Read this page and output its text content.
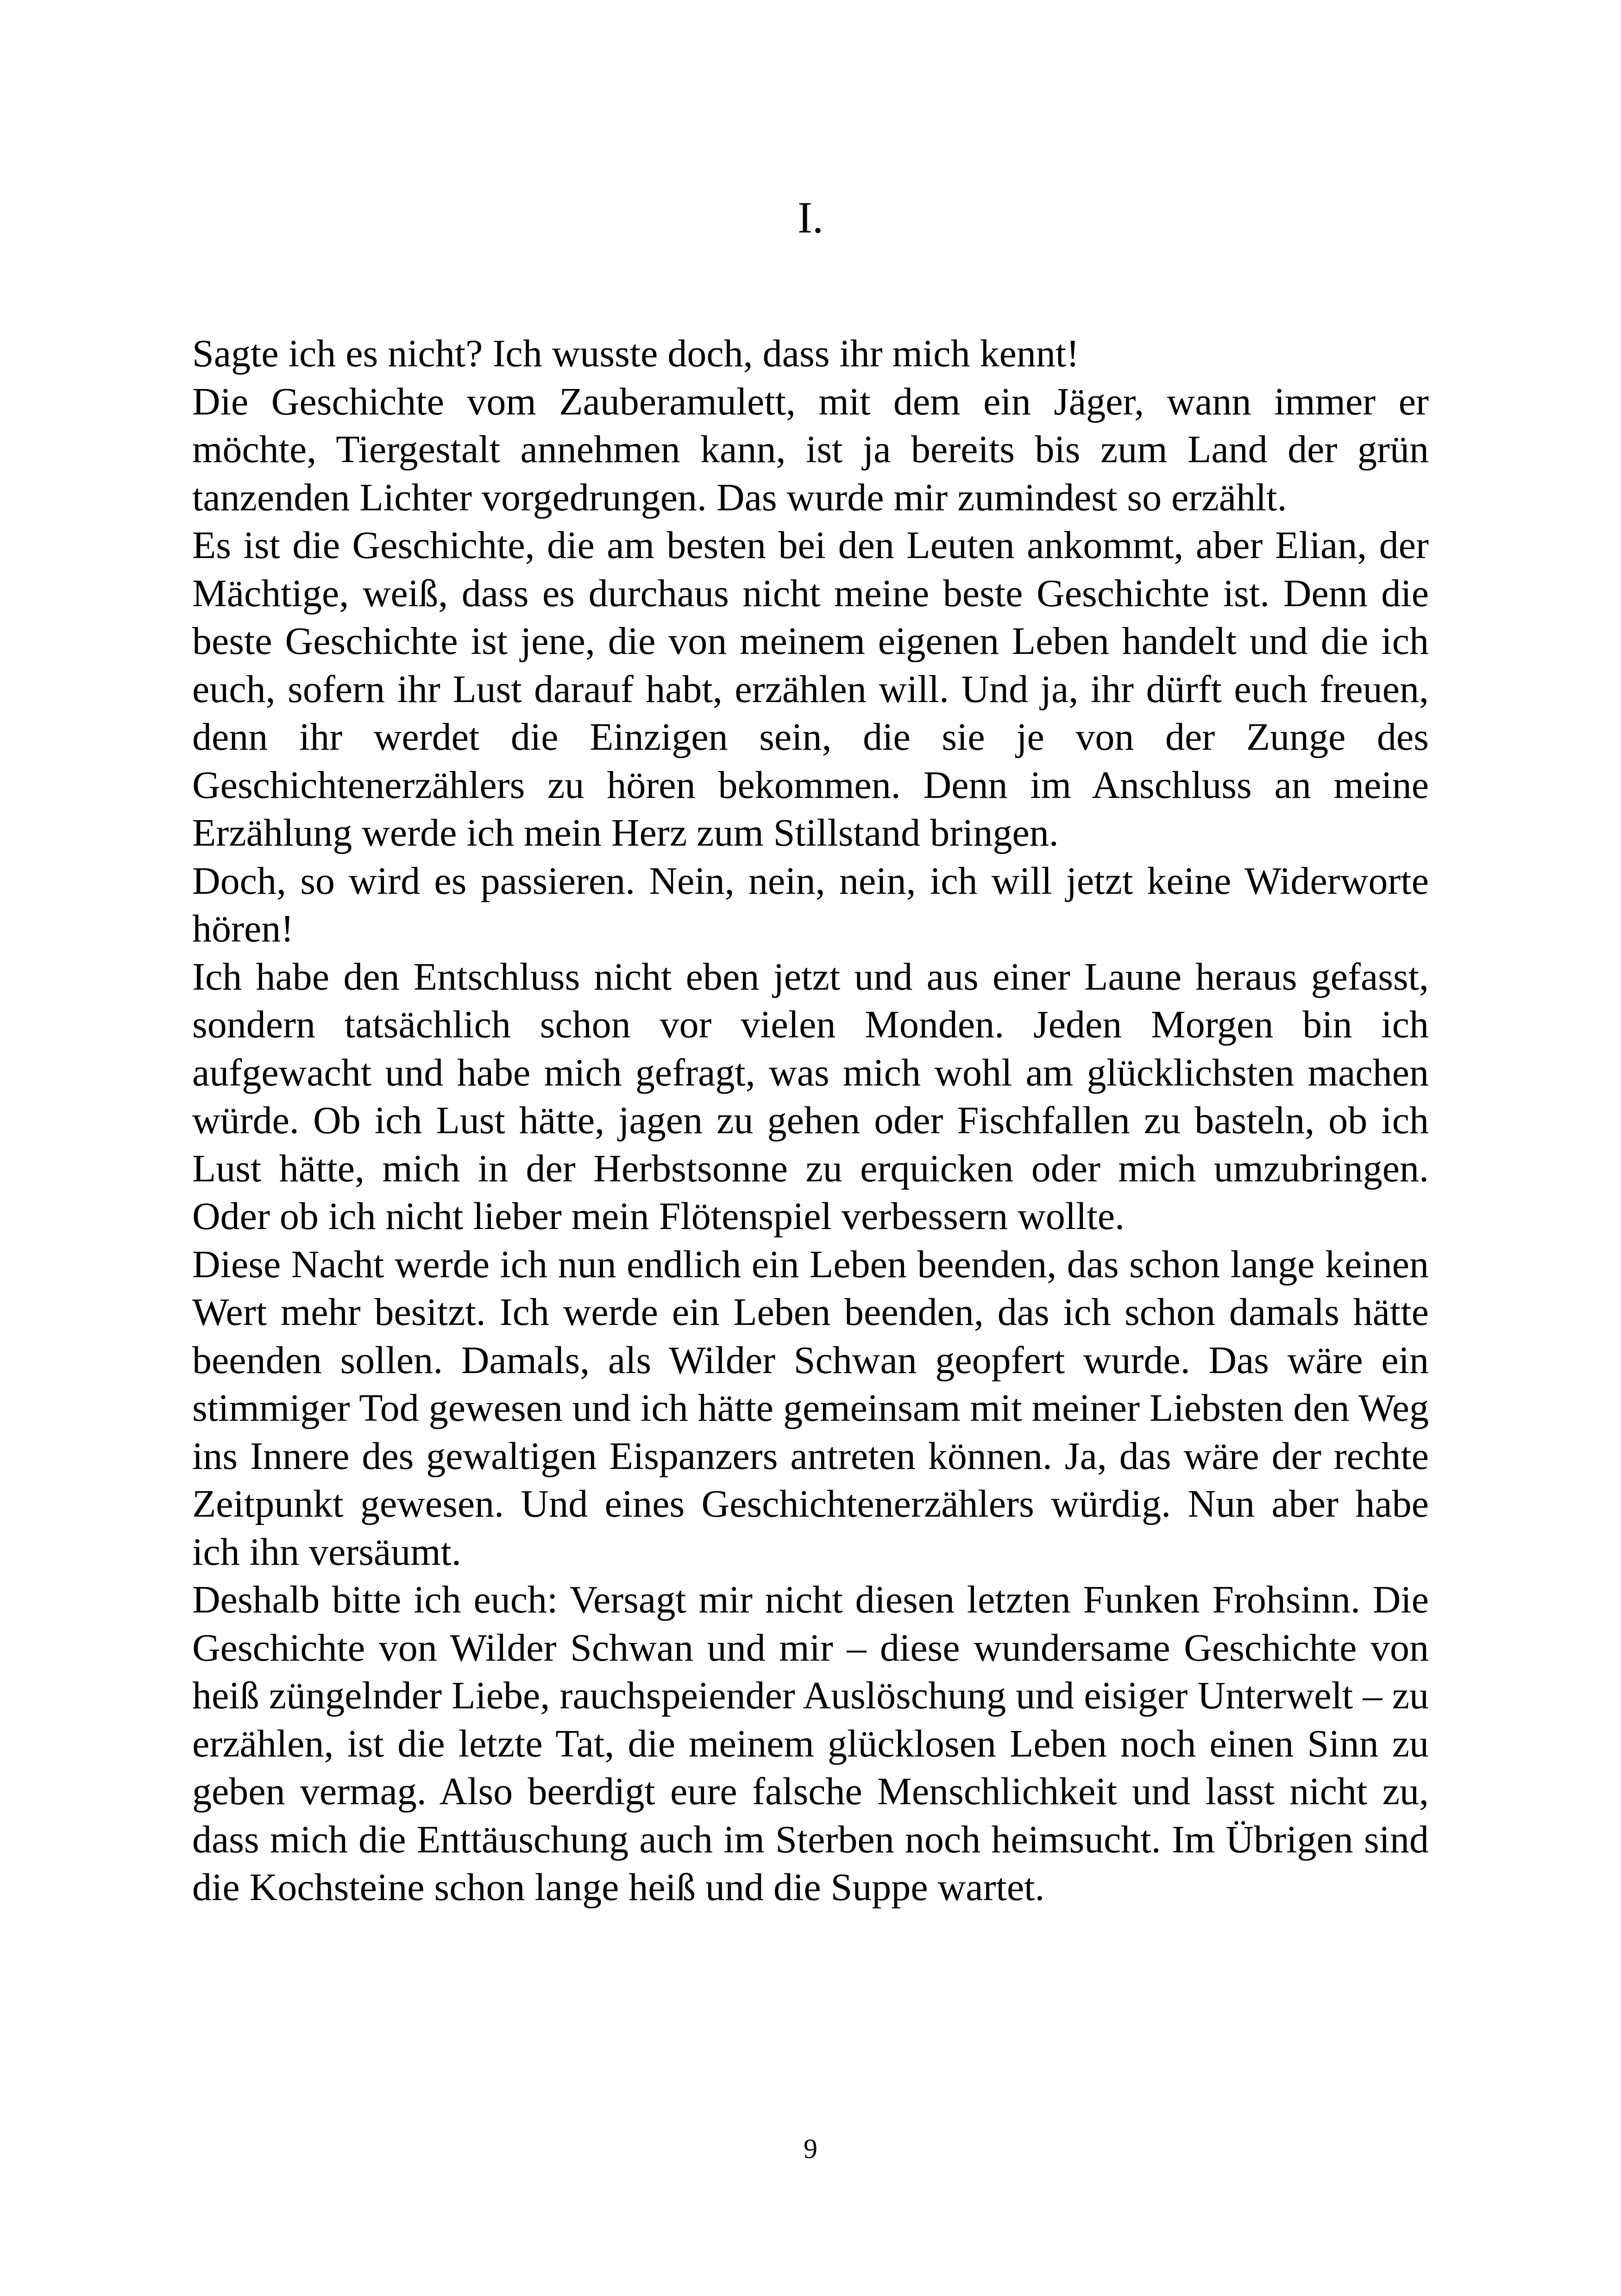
I.

Sagte ich es nicht? Ich wusste doch, dass ihr mich kennt!

Die Geschichte vom Zauberamulett, mit dem ein Jäger, wann immer er möchte, Tiergestalt annehmen kann, ist ja bereits bis zum Land der grün tanzenden Lichter vorgedrungen. Das wurde mir zumindest so erzählt.

Es ist die Geschichte, die am besten bei den Leuten ankommt, aber Elian, der Mächtige, weiß, dass es durchaus nicht meine beste Geschichte ist. Denn die beste Geschichte ist jene, die von meinem eigenen Leben handelt und die ich euch, sofern ihr Lust darauf habt, erzählen will. Und ja, ihr dürft euch freuen, denn ihr werdet die Einzigen sein, die sie je von der Zunge des Geschichtenerzählers zu hören bekommen. Denn im Anschluss an meine Erzählung werde ich mein Herz zum Stillstand bringen.

Doch, so wird es passieren. Nein, nein, nein, ich will jetzt keine Widerworte hören!

Ich habe den Entschluss nicht eben jetzt und aus einer Laune heraus gefasst, sondern tatsächlich schon vor vielen Monden. Jeden Morgen bin ich aufgewacht und habe mich gefragt, was mich wohl am glücklichsten machen würde. Ob ich Lust hätte, jagen zu gehen oder Fischfallen zu basteln, ob ich Lust hätte, mich in der Herbstsonne zu erquicken oder mich umzubringen. Oder ob ich nicht lieber mein Flötenspiel verbessern wollte.

Diese Nacht werde ich nun endlich ein Leben beenden, das schon lange keinen Wert mehr besitzt. Ich werde ein Leben beenden, das ich schon damals hätte beenden sollen. Damals, als Wilder Schwan geopfert wurde. Das wäre ein stimmiger Tod gewesen und ich hätte gemeinsam mit meiner Liebsten den Weg ins Innere des gewaltigen Eispanzers antreten können. Ja, das wäre der rechte Zeitpunkt gewesen. Und eines Geschichtenerzählers würdig. Nun aber habe ich ihn versäumt.

Deshalb bitte ich euch: Versagt mir nicht diesen letzten Funken Frohsinn. Die Geschichte von Wilder Schwan und mir – diese wundersame Geschichte von heiß züngelnder Liebe, rauchspeiender Auslöschung und eisiger Unterwelt – zu erzählen, ist die letzte Tat, die meinem glücklosen Leben noch einen Sinn zu geben vermag. Also beerdigt eure falsche Menschlichkeit und lasst nicht zu, dass mich die Enttäuschung auch im Sterben noch heimsucht. Im Übrigen sind die Kochsteine schon lange heiß und die Suppe wartet.

9
